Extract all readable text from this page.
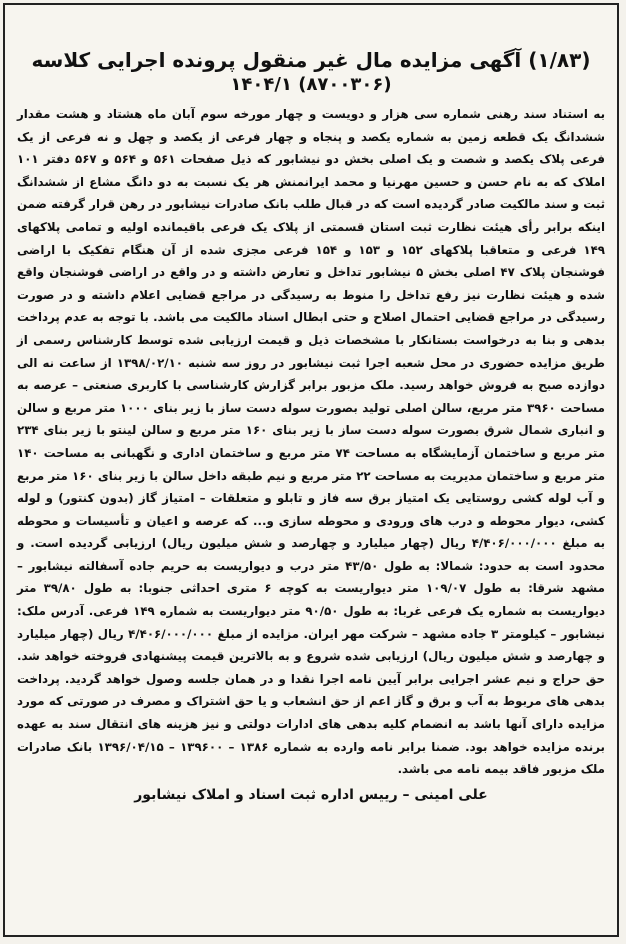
(۱/۸۳) آگهی مزایده مال غیر منقول پرونده اجرایی کلاسه
(۸۷۰۰۳۰۶) ۱۴۰۴/۱
به استناد سند رهنی شماره سی هزار و دویست و چهار مورخه سوم آبان ماه هشتاد و هشت مقدار ششدانگ یک قطعه زمین به شماره یکصد و پنجاه و چهار فرعی از یکصد و چهل و نه فرعی از یک فرعی پلاک یکصد و شصت و یک اصلی بخش دو نیشابور که ذیل صفحات ۵۶۱ و ۵۶۴ و ۵۶۷ دفتر ۱۰۱ املاک که به نام حسن و حسین مهرنیا و محمد ایرانمنش هر یک نسبت به دو دانگ مشاع از ششدانگ ثبت و سند مالکیت صادر گردیده است که در قبال طلب بانک صادرات نیشابور در رهن قرار گرفته ضمن اینکه برابر رأی هیئت نظارت ثبت استان قسمتی از پلاک یک فرعی باقیمانده اولیه و تمامی پلاکهای ۱۴۹ فرعی و متعاقبا پلاکهای ۱۵۲ و ۱۵۳ و ۱۵۴ فرعی مجزی شده از آن هنگام تفکیک با اراضی فوشنجان پلاک ۴۷ اصلی بخش ۵ نیشابور تداخل و تعارض داشته و در واقع در اراضی فوشنجان واقع شده و هیئت نظارت نیز رفع تداخل را منوط به رسیدگی در مراجع قضایی اعلام داشته و در صورت رسیدگی در مراجع قضایی احتمال اصلاح و حتی ابطال اسناد مالکیت می باشد. با توجه به عدم پرداخت بدهی و بنا به درخواست بستانکار با مشخصات ذیل و قیمت ارزیابی شده توسط کارشناس رسمی از طریق مزایده حضوری در محل شعبه اجرا ثبت نیشابور در روز سه شنبه ۱۳۹۸/۰۲/۱۰ از ساعت نه الی دوازده صبح به فروش خواهد رسید. ملک مزبور برابر گزارش کارشناسی با کاربری صنعتی – عرصه به مساحت ۳۹۶۰ متر مربع، سالن اصلی تولید بصورت سوله دست ساز با زیر بنای ۱۰۰۰ متر مربع و سالن و انباری شمال شرق بصورت سوله دست ساز با زیر بنای ۱۶۰ متر مربع و سالن لینتو با زیر بنای ۲۳۴ متر مربع و ساختمان آزمایشگاه به مساحت ۷۴ متر مربع و ساختمان اداری و نگهبانی به مساحت ۱۴۰ متر مربع و ساختمان مدیریت به مساحت ۲۲ متر مربع و نیم طبقه داخل سالن با زیر بنای ۱۶۰ متر مربع و آب لوله کشی روستایی یک امتیاز برق سه فاز و تابلو و متعلقات – امتیاز گاز (بدون کنتور) و لوله کشی، دیوار محوطه و درب های ورودی و محوطه سازی و... که عرصه و اعیان و تأسیسات و محوطه به مبلغ ۴/۴۰۶/۰۰۰/۰۰۰ ریال (چهار میلیارد و چهارصد و شش میلیون ریال) ارزیابی گردیده است. و محدود است به حدود: شمالا: به طول ۴۳/۵۰ متر درب و دیواریست به حریم جاده آسفالته نیشابور – مشهد شرقا: به طول ۱۰۹/۰۷ متر دیواریست به کوچه ۶ متری احداثی جنوبا: به طول ۳۹/۸۰ متر دیواریست به شماره یک فرعی غربا: به طول ۹۰/۵۰ متر دیواریست به شماره ۱۴۹ فرعی. آدرس ملک: نیشابور – کیلومتر ۳ جاده مشهد – شرکت مهر ایران. مزایده از مبلغ ۴/۴۰۶/۰۰۰/۰۰۰ ریال (چهار میلیارد و چهارصد و شش میلیون ریال) ارزیابی شده شروع و به بالاترین قیمت پیشنهادی فروخته خواهد شد. حق حراج و نیم عشر اجرایی برابر آیین نامه اجرا نقدا و در همان جلسه وصول خواهد گردید. پرداخت بدهی های مربوط به آب و برق و گاز اعم از حق انشعاب و یا حق اشتراک و مصرف در صورتی که مورد مزایده دارای آنها باشد به انضمام کلیه بدهی های ادارات دولتی و نیز هزینه های انتقال سند به عهده برنده مزایده خواهد بود. ضمنا برابر نامه وارده به شماره ۱۳۸۶ – ۱۳۹۶۰۰ – ۱۳۹۶/۰۴/۱۵ بانک صادرات ملک مزبور فاقد بیمه نامه می باشد.
علی امینی – رییس اداره ثبت اسناد و املاک نیشابور
